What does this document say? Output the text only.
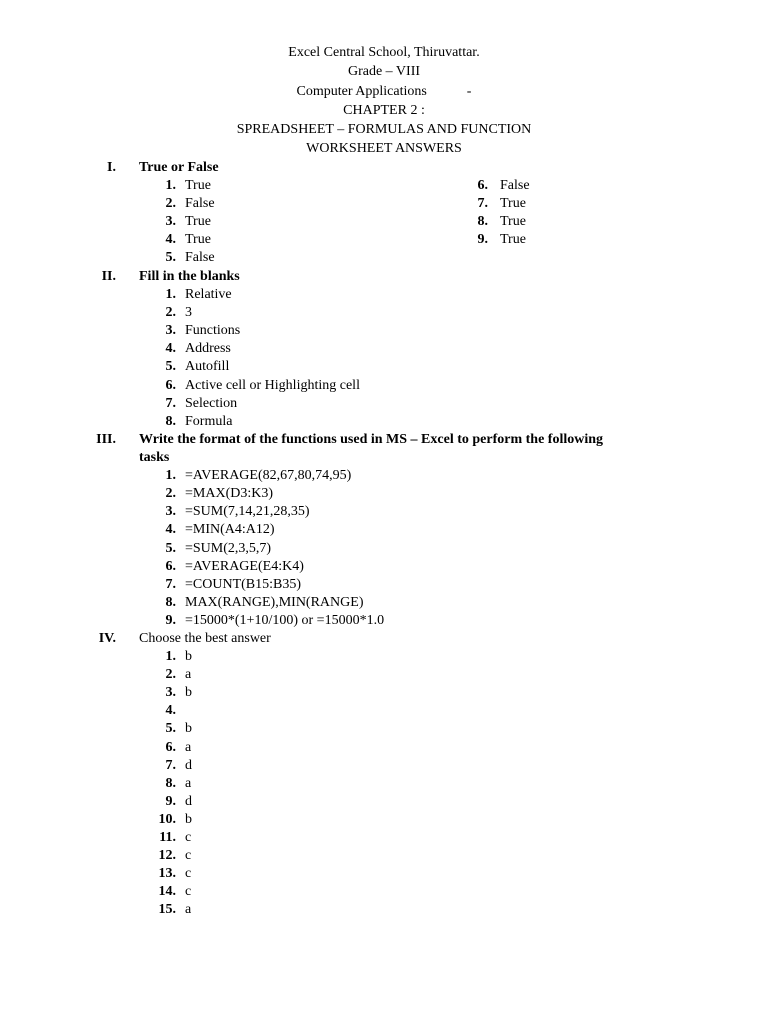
Excel Central School, Thiruvattar.
Grade – VIII
Computer Applications	-
CHAPTER 2 :
SPREADSHEET – FORMULAS AND FUNCTION
WORKSHEET ANSWERS
I. True or False
1. True
2. False
3. True
4. True
5. False
6. False
7. True
8. True
9. True
II. Fill in the blanks
1. Relative
2. 3
3. Functions
4. Address
5. Autofill
6. Active cell or Highlighting cell
7. Selection
8. Formula
III. Write the format of the functions used in MS – Excel to perform the following
tasks
1. =AVERAGE(82,67,80,74,95)
2. =MAX(D3:K3)
3. =SUM(7,14,21,28,35)
4. =MIN(A4:A12)
5. =SUM(2,3,5,7)
6. =AVERAGE(E4:K4)
7. =COUNT(B15:B35)
8. MAX(RANGE),MIN(RANGE)
9. =15000*(1+10/100) or =15000*1.0
IV. Choose the best answer
1. b
2. a
3. b
4.
5. b
6. a
7. d
8. a
9. d
10. b
11. c
12. c
13. c
14. c
15. a
